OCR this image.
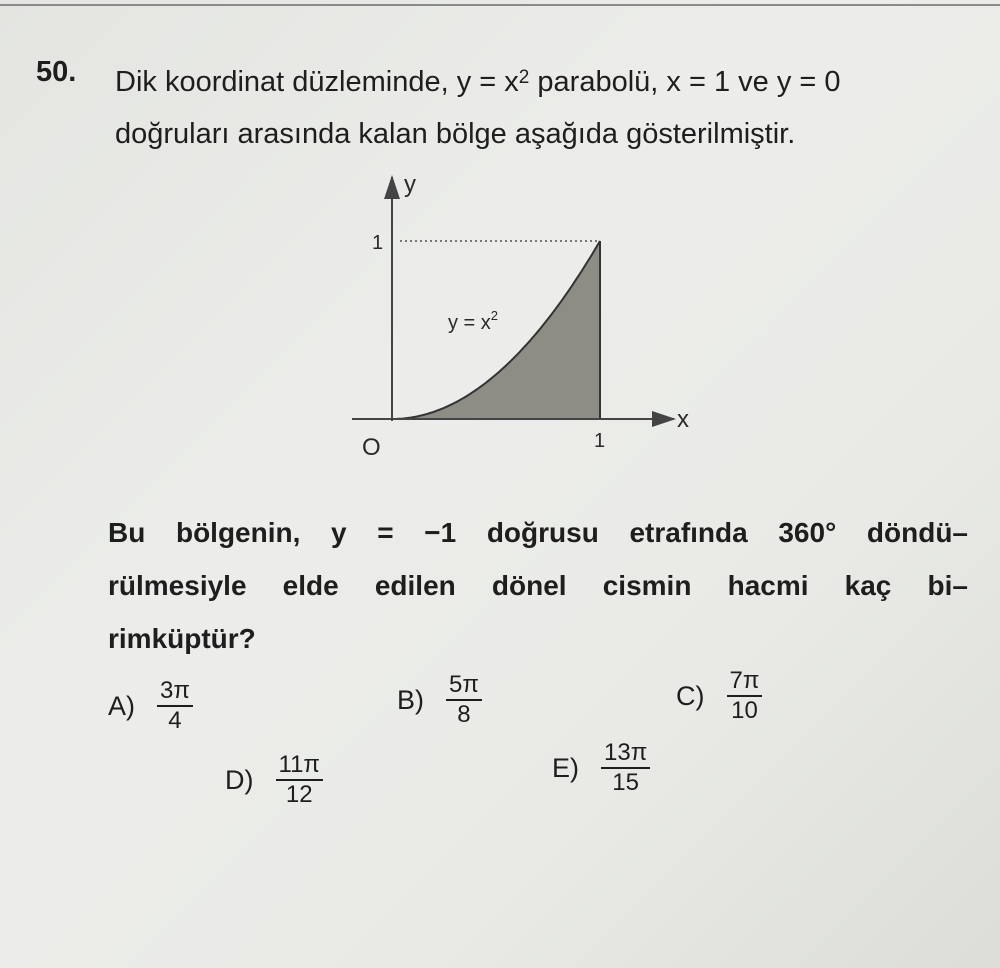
50. Dik koordinat düzleminde, $y = x^2$ parabolü, x = 1 ve y = 0
doğruları arasında kalan bölge aşağıda gösterilmiştir.
y
x
O
1
1
$y = x^2$
Bu bölgenin, y = −1 doğrusu etrafında 360° döndü–
rülmesiyle elde edilen dönel cismin hacmi kaç bi–
rimküptür?
$A) \frac{3\pi}{4}$	$B) \frac{5\pi}{8}$	$C) \frac{7\pi}{10}$
$D) \frac{11\pi}{12}$	$E) \frac{13\pi}{15}$
